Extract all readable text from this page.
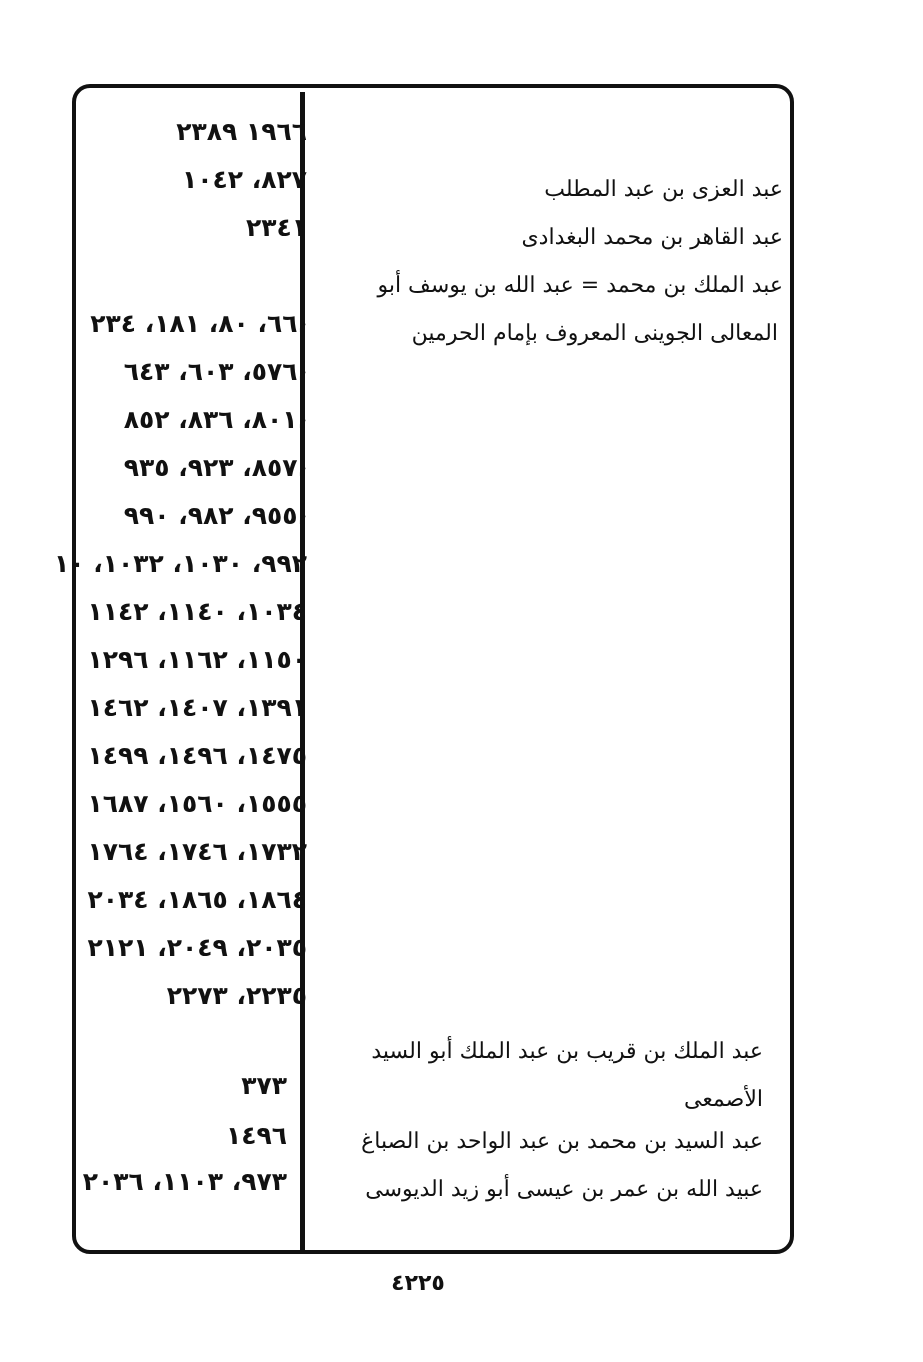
عبد العزى بن عبد المطلب
عبد القاهر بن محمد البغدادى
عبد الملك بن محمد = عبد الله بن يوسف أبو
المعالى الجوينى المعروف بإمام الحرمين
عبد الملك بن قريب بن عبد الملك أبو السيد
الأصمعى
عبد السيد بن محمد بن عبد الواحد بن الصباغ
عبيد الله بن عمر بن عيسى أبو زيد الديوسى
١٩٦٦ ٢٣٨٩
٨٢٧، ١٠٤٢
٢٣٤١
٦٦، ٨٠، ١٨١، ٢٣٤،
٥٧٦، ٦٠٣، ٦٤٣،
٨٠١، ٨٣٦، ٨٥٢،
٨٥٧، ٩٢٣، ٩٣٥،
٩٥٥، ٩٨٢، ٩٩٠،
٩٩٢، ١٠٣٠، ١٠٣٢، ١٠
١٠٣٤، ١١٤٠، ١١٤٢
١١٥٠، ١١٦٢، ١٢٩٦
١٣٩١، ١٤٠٧، ١٤٦٢
١٤٧٥، ١٤٩٦، ١٤٩٩
١٥٥٥، ١٥٦٠، ١٦٨٧
١٧٣٢، ١٧٤٦، ١٧٦٤
١٨٦٤، ١٨٦٥، ٢٠٣٤
٢٠٣٥، ٢٠٤٩، ٢١٢١
٢٢٣٥، ٢٢٧٣
٣٧٣
١٤٩٦
٩٧٣، ١١٠٣، ٢٠٣٦
٤٢٢٥
